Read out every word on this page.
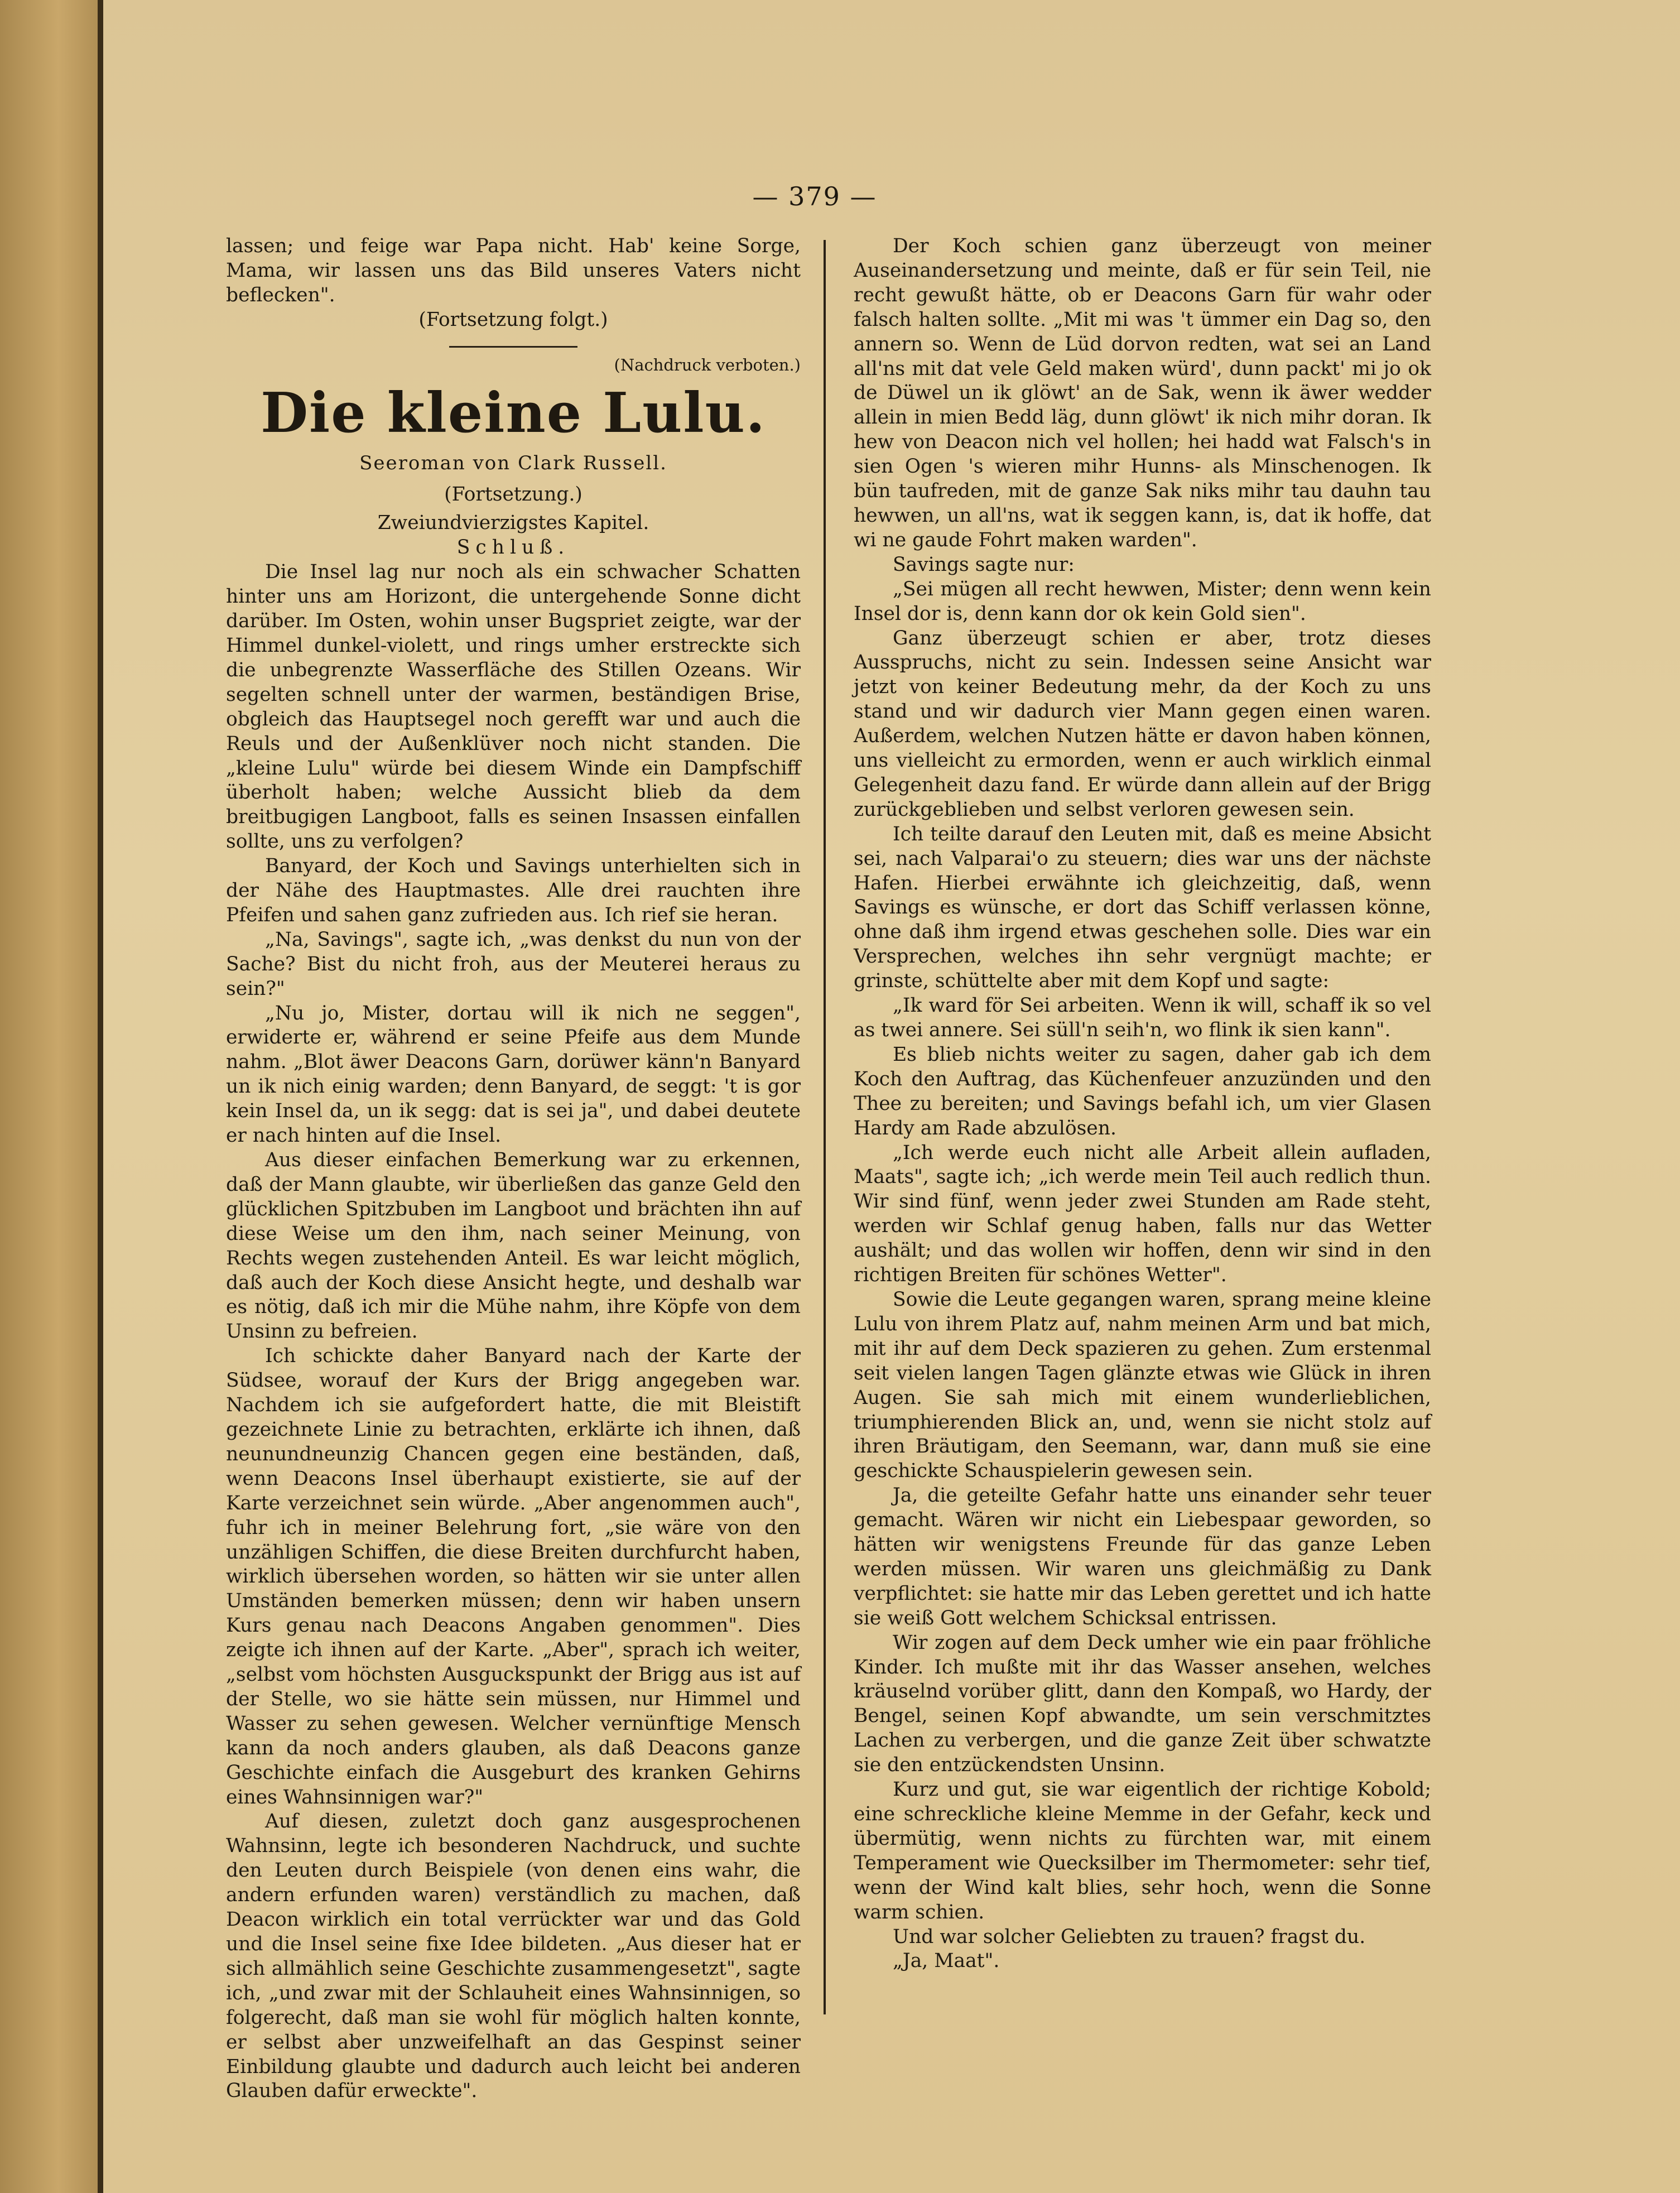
— 379 —

lassen; und feige war Papa nicht. Hab' keine Sorge, Mama, wir lassen uns das Bild unseres Vaters nicht beflecken".

(Fortsetzung folgt.)

(Nachdruck verboten.)

Die kleine Lulu.
Seeroman von Clark Russell.

(Fortsetzung.)

Zweiundvierzigstes Kapitel.

Schluß.

Die Insel lag nur noch als ein schwacher Schatten hinter uns am Horizont, die untergehende Sonne dicht darüber. Im Osten, wohin unser Bugspriet zeigte, war der Himmel dunkel-violett, und rings umher erstreckte sich die unbegrenzte Wasserfläche des Stillen Ozeans. Wir segelten schnell unter der warmen, beständigen Brise, obgleich das Hauptsegel noch gerefft war und auch die Reuls und der Außenklüver noch nicht standen. Die „kleine Lulu" würde bei diesem Winde ein Dampfschiff überholt haben; welche Aussicht blieb da dem breitbugigen Langboot, falls es seinen Insassen einfallen sollte, uns zu verfolgen?

Banyard, der Koch und Savings unterhielten sich in der Nähe des Hauptmastes. Alle drei rauchten ihre Pfeifen und sahen ganz zufrieden aus. Ich rief sie heran.

„Na, Savings", sagte ich, „was denkst du nun von der Sache? Bist du nicht froh, aus der Meuterei heraus zu sein?"

„Nu jo, Mister, dortau will ik nich ne seggen", erwiderte er, während er seine Pfeife aus dem Munde nahm. „Blot äwer Deacons Garn, dorüwer känn'n Banyard un ik nich einig warden; denn Banyard, de seggt: 't is gor kein Insel da, un ik segg: dat is sei ja", und dabei deutete er nach hinten auf die Insel.

Aus dieser einfachen Bemerkung war zu erkennen, daß der Mann glaubte, wir überließen das ganze Geld den glücklichen Spitzbuben im Langboot und brächten ihn auf diese Weise um den ihm, nach seiner Meinung, von Rechts wegen zustehenden Anteil. Es war leicht möglich, daß auch der Koch diese Ansicht hegte, und deshalb war es nötig, daß ich mir die Mühe nahm, ihre Köpfe von dem Unsinn zu befreien.

Ich schickte daher Banyard nach der Karte der Südsee, worauf der Kurs der Brigg angegeben war. Nachdem ich sie aufgefordert hatte, die mit Bleistift gezeichnete Linie zu betrachten, erklärte ich ihnen, daß neunundneunzig Chancen gegen eine beständen, daß, wenn Deacons Insel überhaupt existierte, sie auf der Karte verzeichnet sein würde. „Aber angenommen auch", fuhr ich in meiner Belehrung fort, „sie wäre von den unzähligen Schiffen, die diese Breiten durchfurcht haben, wirklich übersehen worden, so hätten wir sie unter allen Umständen bemerken müssen; denn wir haben unsern Kurs genau nach Deacons Angaben genommen". Dies zeigte ich ihnen auf der Karte. „Aber", sprach ich weiter, „selbst vom höchsten Ausguckspunkt der Brigg aus ist auf der Stelle, wo sie hätte sein müssen, nur Himmel und Wasser zu sehen gewesen. Welcher vernünftige Mensch kann da noch anders glauben, als daß Deacons ganze Geschichte einfach die Ausgeburt des kranken Gehirns eines Wahnsinnigen war?"

Auf diesen, zuletzt doch ganz ausgesprochenen Wahnsinn, legte ich besonderen Nachdruck, und suchte den Leuten durch Beispiele (von denen eins wahr, die andern erfunden waren) verständlich zu machen, daß Deacon wirklich ein total verrückter war und das Gold und die Insel seine fixe Idee bildeten. „Aus dieser hat er sich allmählich seine Geschichte zusammengesetzt", sagte ich, „und zwar mit der Schlauheit eines Wahnsinnigen, so folgerecht, daß man sie wohl für möglich halten konnte, er selbst aber unzweifelhaft an das Gespinst seiner Einbildung glaubte und dadurch auch leicht bei anderen Glauben dafür erweckte".

Der Koch schien ganz überzeugt von meiner Auseinandersetzung und meinte, daß er für sein Teil, nie recht gewußt hätte, ob er Deacons Garn für wahr oder falsch halten sollte. „Mit mi was 't ümmer ein Dag so, den annern so. Wenn de Lüd dorvon redten, wat sei an Land all'ns mit dat vele Geld maken würd', dunn packt' mi jo ok de Düwel un ik glöwt' an de Sak, wenn ik äwer wedder allein in mien Bedd läg, dunn glöwt' ik nich mihr doran. Ik hew von Deacon nich vel hollen; hei hadd wat Falsch's in sien Ogen 's wieren mihr Hunns- als Minschenogen. Ik bün taufreden, mit de ganze Sak niks mihr tau dauhn tau hewwen, un all'ns, wat ik seggen kann, is, dat ik hoffe, dat wi ne gaude Fohrt maken warden".

Savings sagte nur:

„Sei mügen all recht hewwen, Mister; denn wenn kein Insel dor is, denn kann dor ok kein Gold sien".

Ganz überzeugt schien er aber, trotz dieses Ausspruchs, nicht zu sein. Indessen seine Ansicht war jetzt von keiner Bedeutung mehr, da der Koch zu uns stand und wir dadurch vier Mann gegen einen waren. Außerdem, welchen Nutzen hätte er davon haben können, uns vielleicht zu ermorden, wenn er auch wirklich einmal Gelegenheit dazu fand. Er würde dann allein auf der Brigg zurückgeblieben und selbst verloren gewesen sein.

Ich teilte darauf den Leuten mit, daß es meine Absicht sei, nach Valparai'o zu steuern; dies war uns der nächste Hafen. Hierbei erwähnte ich gleichzeitig, daß, wenn Savings es wünsche, er dort das Schiff verlassen könne, ohne daß ihm irgend etwas geschehen solle. Dies war ein Versprechen, welches ihn sehr vergnügt machte; er grinste, schüttelte aber mit dem Kopf und sagte:

„Ik ward för Sei arbeiten. Wenn ik will, schaff ik so vel as twei annere. Sei süll'n seih'n, wo flink ik sien kann".

Es blieb nichts weiter zu sagen, daher gab ich dem Koch den Auftrag, das Küchenfeuer anzuzünden und den Thee zu bereiten; und Savings befahl ich, um vier Glasen Hardy am Rade abzulösen.

„Ich werde euch nicht alle Arbeit allein aufladen, Maats", sagte ich; „ich werde mein Teil auch redlich thun. Wir sind fünf, wenn jeder zwei Stunden am Rade steht, werden wir Schlaf genug haben, falls nur das Wetter aushält; und das wollen wir hoffen, denn wir sind in den richtigen Breiten für schönes Wetter".

Sowie die Leute gegangen waren, sprang meine kleine Lulu von ihrem Platz auf, nahm meinen Arm und bat mich, mit ihr auf dem Deck spazieren zu gehen. Zum erstenmal seit vielen langen Tagen glänzte etwas wie Glück in ihren Augen. Sie sah mich mit einem wunderlieblichen, triumphierenden Blick an, und, wenn sie nicht stolz auf ihren Bräutigam, den Seemann, war, dann muß sie eine geschickte Schauspielerin gewesen sein.

Ja, die geteilte Gefahr hatte uns einander sehr teuer gemacht. Wären wir nicht ein Liebespaar geworden, so hätten wir wenigstens Freunde für das ganze Leben werden müssen. Wir waren uns gleichmäßig zu Dank verpflichtet: sie hatte mir das Leben gerettet und ich hatte sie weiß Gott welchem Schicksal entrissen.

Wir zogen auf dem Deck umher wie ein paar fröhliche Kinder. Ich mußte mit ihr das Wasser ansehen, welches kräuselnd vorüber glitt, dann den Kompaß, wo Hardy, der Bengel, seinen Kopf abwandte, um sein verschmitztes Lachen zu verbergen, und die ganze Zeit über schwatzte sie den entzückendsten Unsinn.

Kurz und gut, sie war eigentlich der richtige Kobold; eine schreckliche kleine Memme in der Gefahr, keck und übermütig, wenn nichts zu fürchten war, mit einem Temperament wie Quecksilber im Thermometer: sehr tief, wenn der Wind kalt blies, sehr hoch, wenn die Sonne warm schien.

Und war solcher Geliebten zu trauen? fragst du.

„Ja, Maat".
